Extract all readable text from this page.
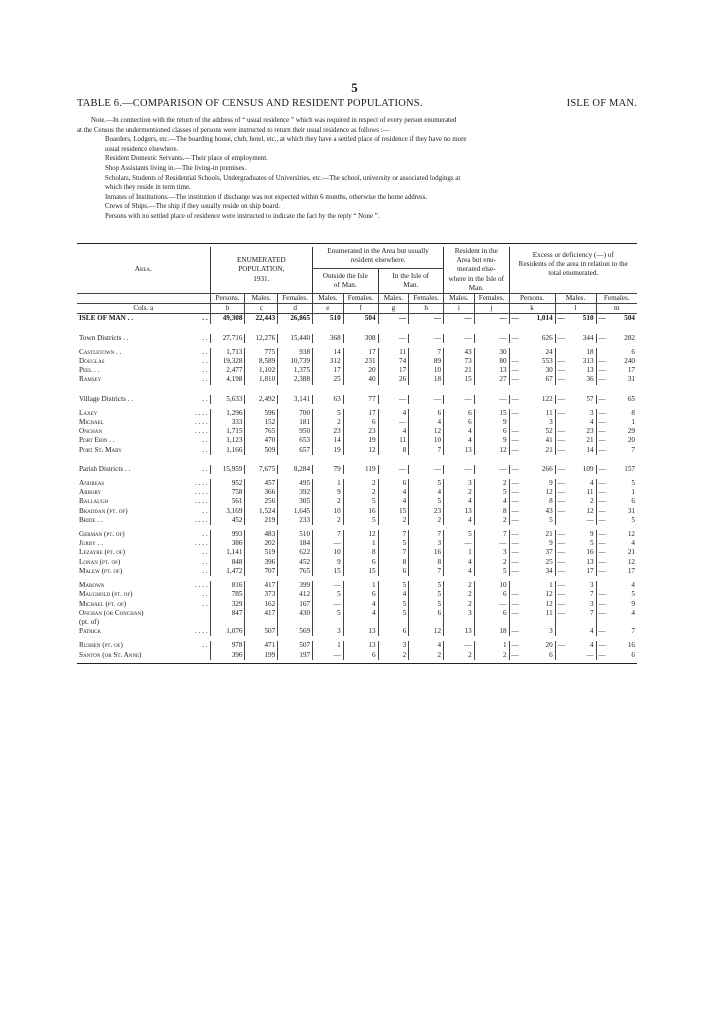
5
TABLE 6.—COMPARISON OF CENSUS AND RESIDENT POPULATIONS.	ISLE OF MAN.
Note.—In connection with the return of the address of “ usual residence ” which was required in respect of every person enumerated
at the Census the undermentioned classes of persons were instructed to return their usual residence as follows :—
Boarders, Lodgers, etc.—The boarding house, club, hotel, etc., at which they have a settled place of residence if they have no more
usual residence elsewhere.
Resident Domestic Servants.—Their place of employment.
Shop Assistants living in.—The living-in premises.
Scholars, Students of Residential Schools, Undergraduates of Universities, etc.—The school, university or associated lodgings at
which they reside in term time.
Inmates of Institutions.—The institution if discharge was not expected within 6 months, otherwise the home address.
Crews of Ships.—The ship if they usually reside on ship board.
Persons with no settled place of residence were instructed to indicate the fact by the reply “ None ”.

Area.		ENUMERATED POPULATION,
1931.			Enumerated in the Area but usually resident elsewhere.				Resident in the Area but enu-merated else-where in the Isle of Man.		Excess or deficiency (—) of Residents of the area in relation to the total enumerated.					

					Outside the Isle of Man.		In the Isle of Man.									

		Persons.	Males.	Females.	Males.	Females.	Males.	Females.	Males.	Females.	Persons.		Males.		Females.	
Cols. a		b	c	d	e	f	g	h	i	j	k		l		m	
ISLE OF MAN . .	. .	49,308	22,443	26,865	510	504	—	—	—	—	—	1,014	—	510	—	504

Town Districts . .	. .	27,716	12,276	15,440	368	308	—	—	—	—	—	626	—	344	—	282

Castletown . .	. .	1,713	775	938	14	17	11	7	43	30		24		18		6
Douglas	. .	19,328	8,589	10,739	312	231	74	89	73	80	—	553	—	313	—	240
Peel . .	. .	2,477	1,102	1,375	17	20	17	10	21	13	—	30	—	13	—	17
Ramsey	. .	4,198	1,810	2,388	25	40	26	18	15	27	—	67	—	36	—	31

Village Districts . .	. .	5,633	2,492	3,141	63	77	—	—	—	—	—	122	—	57	—	65

Laxey	. . . .	1,296	596	700	5	17	4	6	6	15	—	11	—	3	—	8
Michael	. . . .	333	152	181	2	6	—	4	6	9		3		4	—	1
Onchan	. . . .	1,715	765	950	23	23	4	12	4	6	—	52	—	23	—	29
Port Erin . .	. .	1,123	470	653	14	19	11	10	4	9	—	41	—	21	—	20
Port St. Mary	. .	1,166	509	657	19	12	8	7	13	12	—	21	—	14	—	7

Parish Districts . .	. .	15,959	7,675	8,284	79	119	—	—	—	—	—	266	—	109	—	157

Andreas	. . . .	952	457	495	1	2	6	5	3	2	—	9	—	4	—	5
Arbory	. . . .	758	366	392	9	2	4	4	2	5	—	12	—	11	—	1
Ballaugh	. . . .	561	256	305	2	5	4	5	4	4	—	8	—	2	—	6
Braddan (pt. of)	. .	3,169	1,524	1,645	10	16	15	23	13	8	—	43	—	12	—	31
Bride . .	. . . .	452	219	233	2	5	2	2	4	2	—	5		—	—	5

German (pt. of)	. .	993	483	510	7	12	7	7	5	7	—	21	—	9	—	12
Jurby . .	. . . .	386	202	184	—	1	5	3	—	—	—	9	—	5	—	4
Lezayre (pt. of)	. .	1,141	519	622	10	8	7	16	1	3	—	37	—	16	—	21
Lonan (pt. of)	. .	848	396	452	9	6	8	8	4	2	—	25	—	13	—	12
Malew (pt. of)	. .	1,472	707	765	15	15	6	7	4	5	—	34	—	17	—	17

Marown	. . . .	816	417	399	—	1	5	5	2	10		1	—	3		4
Maughold (pt. of)	. .	785	373	412	5	6	4	5	2	6	—	12	—	7	—	5
Michael (pt. of)	. .	329	162	167	—	4	5	5	2	—	—	12	—	3	—	9
Onchan (or Conchan)		847	417	430	5	4	5	6	3	6	—	11	—	7	—	4
(pt. of)																
Patrick	. . . .	1,076	507	569	3	13	6	12	13	18	—	3		4	—	7

Rushen (pt. of)	. .	978	471	507	1	13	3	4	—	1	—	20	—	4	—	16
Santon (or St. Anne)		396	199	197	—	6	2	2	2	2	—	6		—	—	6
